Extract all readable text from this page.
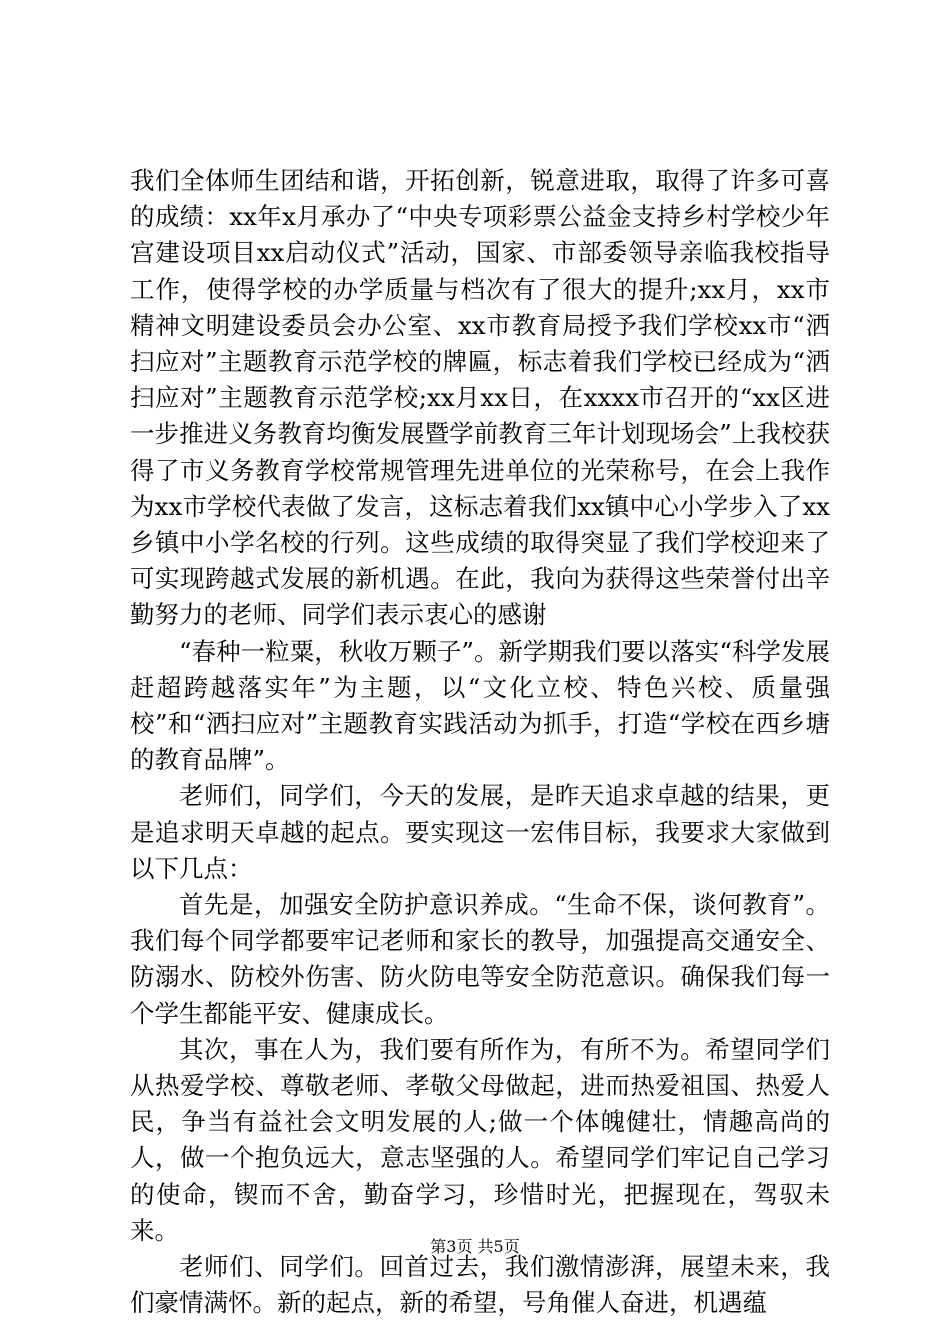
我们全体师生团结和谐，开拓创新，锐意进取，取得了许多可喜的成绩：xx年x月承办了“中央专项彩票公益金支持乡村学校少年宫建设项目xx启动仪式”活动，国家、市部委领导亲临我校指导工作，使得学校的办学质量与档次有了很大的提升;xx月，xx市精神文明建设委员会办公室、xx市教育局授予我们学校xx市“洒扫应对”主题教育示范学校的牌匾，标志着我们学校已经成为“洒扫应对”主题教育示范学校;xx月xx日，在xxxx市召开的“xx区进一步推进义务教育均衡发展暨学前教育三年计划现场会”上我校获得了市义务教育学校常规管理先进单位的光荣称号，在会上我作为xx市学校代表做了发言，这标志着我们xx镇中心小学步入了xx乡镇中小学名校的行列。这些成绩的取得突显了我们学校迎来了可实现跨越式发展的新机遇。在此，我向为获得这些荣誉付出辛勤努力的老师、同学们表示衷心的感谢

“春种一粒粟，秋收万颗子”。新学期我们要以落实“科学发展赶超跨越落实年”为主题，以“文化立校、特色兴校、质量强校”和“洒扫应对”主题教育实践活动为抓手，打造“学校在西乡塘的教育品牌”。

老师们，同学们，今天的发展，是昨天追求卓越的结果，更是追求明天卓越的起点。要实现这一宏伟目标，我要求大家做到以下几点：

首先是，加强安全防护意识养成。“生命不保，谈何教育”。我们每个同学都要牢记老师和家长的教导，加强提高交通安全、防溺水、防校外伤害、防火防电等安全防范意识。确保我们每一个学生都能平安、健康成长。

其次，事在人为，我们要有所作为，有所不为。希望同学们从热爱学校、尊敬老师、孝敬父母做起，进而热爱祖国、热爱人民，争当有益社会文明发展的人;做一个体魄健壮，情趣高尚的人，做一个抱负远大，意志坚强的人。希望同学们牢记自己学习的使命，锲而不舍，勤奋学习，珍惜时光，把握现在，驾驭未来。

老师们、同学们。回首过去，我们激情澎湃，展望未来，我们豪情满怀。新的起点，新的希望，号角催人奋进，机遇蕴

第3页 共5页
